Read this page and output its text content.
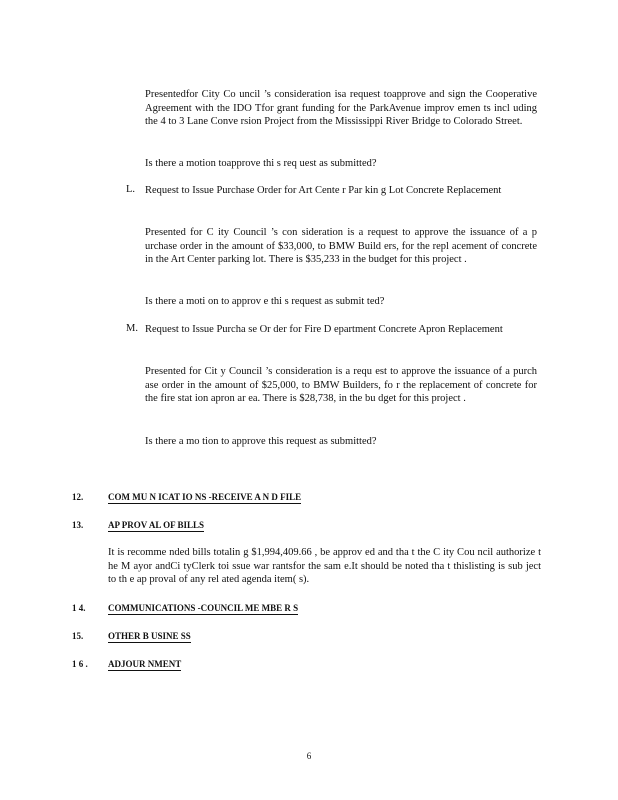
Presentedfor City Co uncil ’s consideration isa request toapprove and sign the Cooperative Agreement with the IDO Tfor grant funding for the ParkAvenue improv emen ts incl uding the 4 to 3 Lane Conve rsion Project from the Mississippi River Bridge to Colorado Street.

Is there a motion toapprove thi s req uest as submitted?

L. Request to Issue Purchase Order for Art Cente r Par kin g Lot Concrete Replacement

Presented for C ity Council ’s con sideration is a request to approve the issuance of a p urchase order in the amount of $33,000, to BMW Build ers, for the repl acement of concrete in the Art Center parking lot. There is $35,233 in the budget for this project .

Is there a moti on to approv e thi s request as submit ted?

M. Request to Issue Purcha se Or der for Fire D epartment Concrete Apron Replacement

Presented for Cit y Council ’s consideration is a requ est to approve the issuance of a purch ase order in the amount of $25,000, to BMW Builders, fo r the replacement of concrete for the fire stat ion apron ar ea. There is $28,738, in the bu dget for this project .

Is there a mo tion to approve this request as submitted?

12.	COM MU N ICAT IO NS -RECEIVE A N D FILE
13.	AP PROV AL OF BILLS

It is recomme nded bills totalin g $1,994,409.66 , be approv ed and tha t the C ity Cou ncil authorize t he M ayor andCi tyClerk toi ssue war rantsfor the sam e.It should be noted tha t thislisting is sub ject to th e ap proval of any rel ated agenda item( s).

1 4.	COMMUNICATIONS -COUNCIL ME MBE R S
15.	OTHER B USINE SS
1 6 . ADJOUR NMENT
6
